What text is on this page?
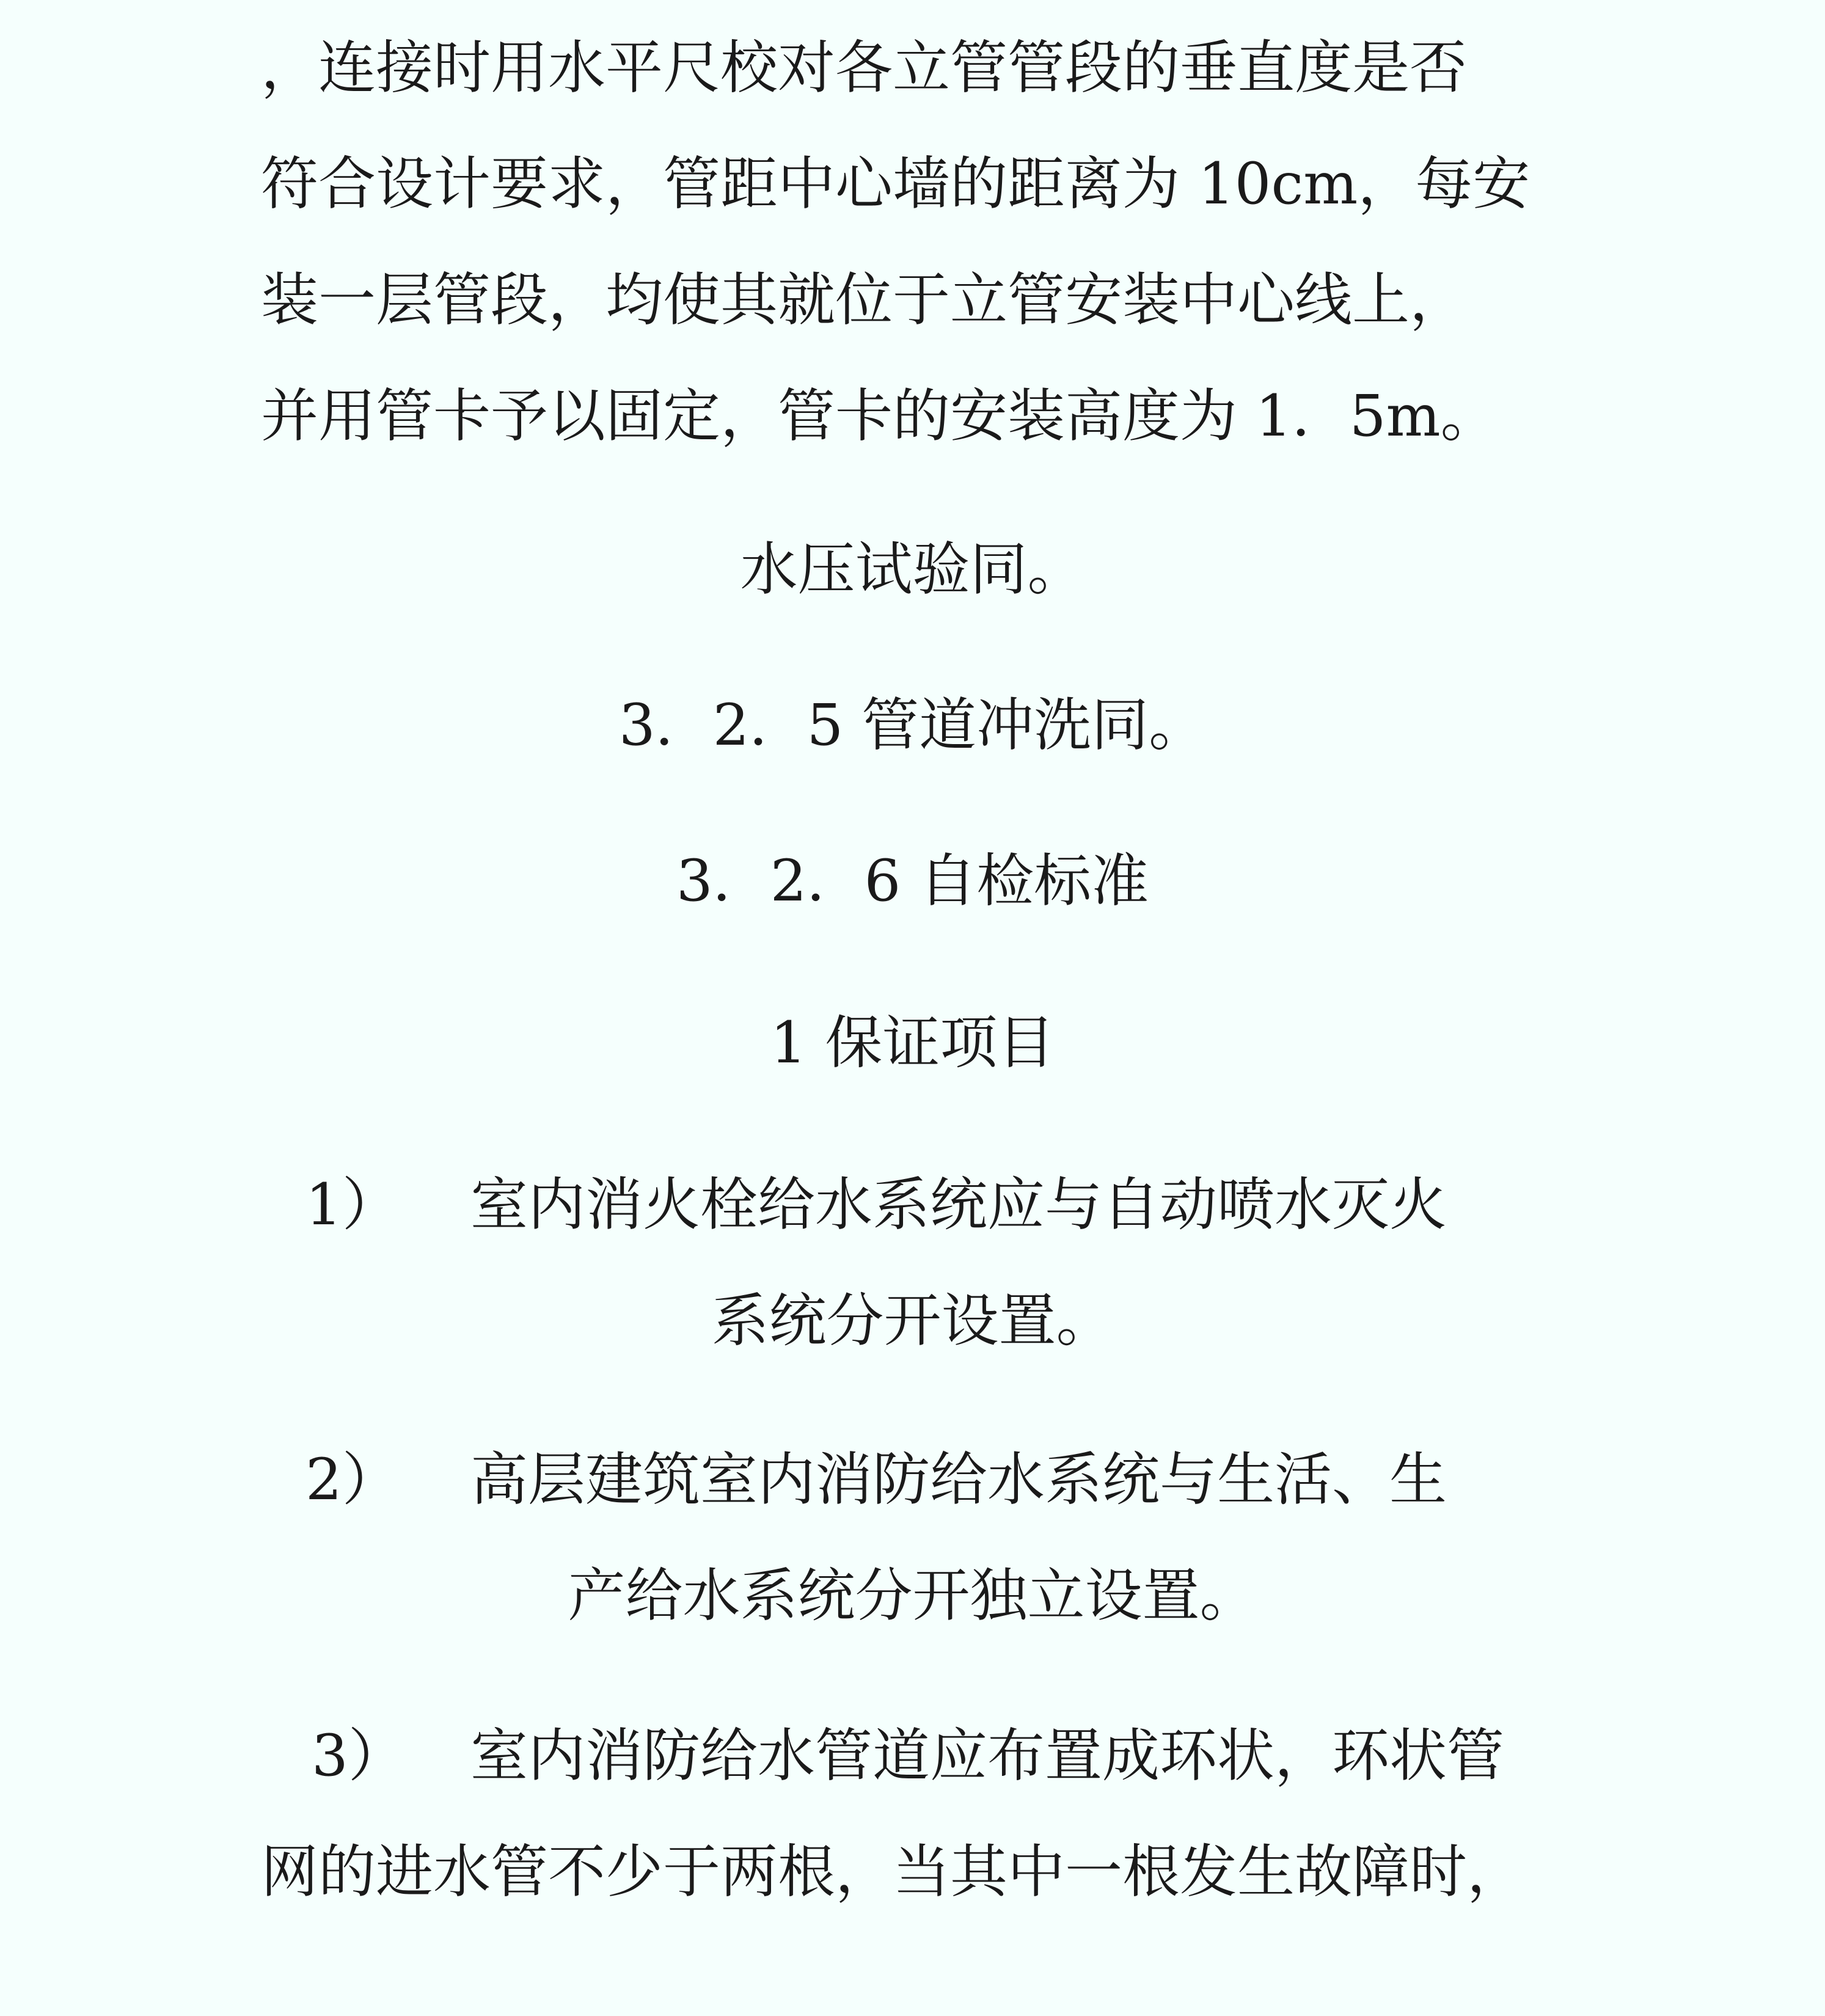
，连接时用水平尺校对各立管管段的垂直度是否
符合设计要求，管距中心墙的距离为 10cm，每安
装一层管段，均使其就位于立管安装中心线上，
并用管卡予以固定，管卡的安装高度为 1．5m。
水压试验同。
3．2．5 管道冲洗同。
3．2．6 自检标准
1 保证项目
1） 室内消火栓给水系统应与自动喷水灭火
系统分开设置。
2） 高层建筑室内消防给水系统与生活、生
产给水系统分开独立设置。
3） 室内消防给水管道应布置成环状，环状管
网的进水管不少于两根，当其中一根发生故障时，
